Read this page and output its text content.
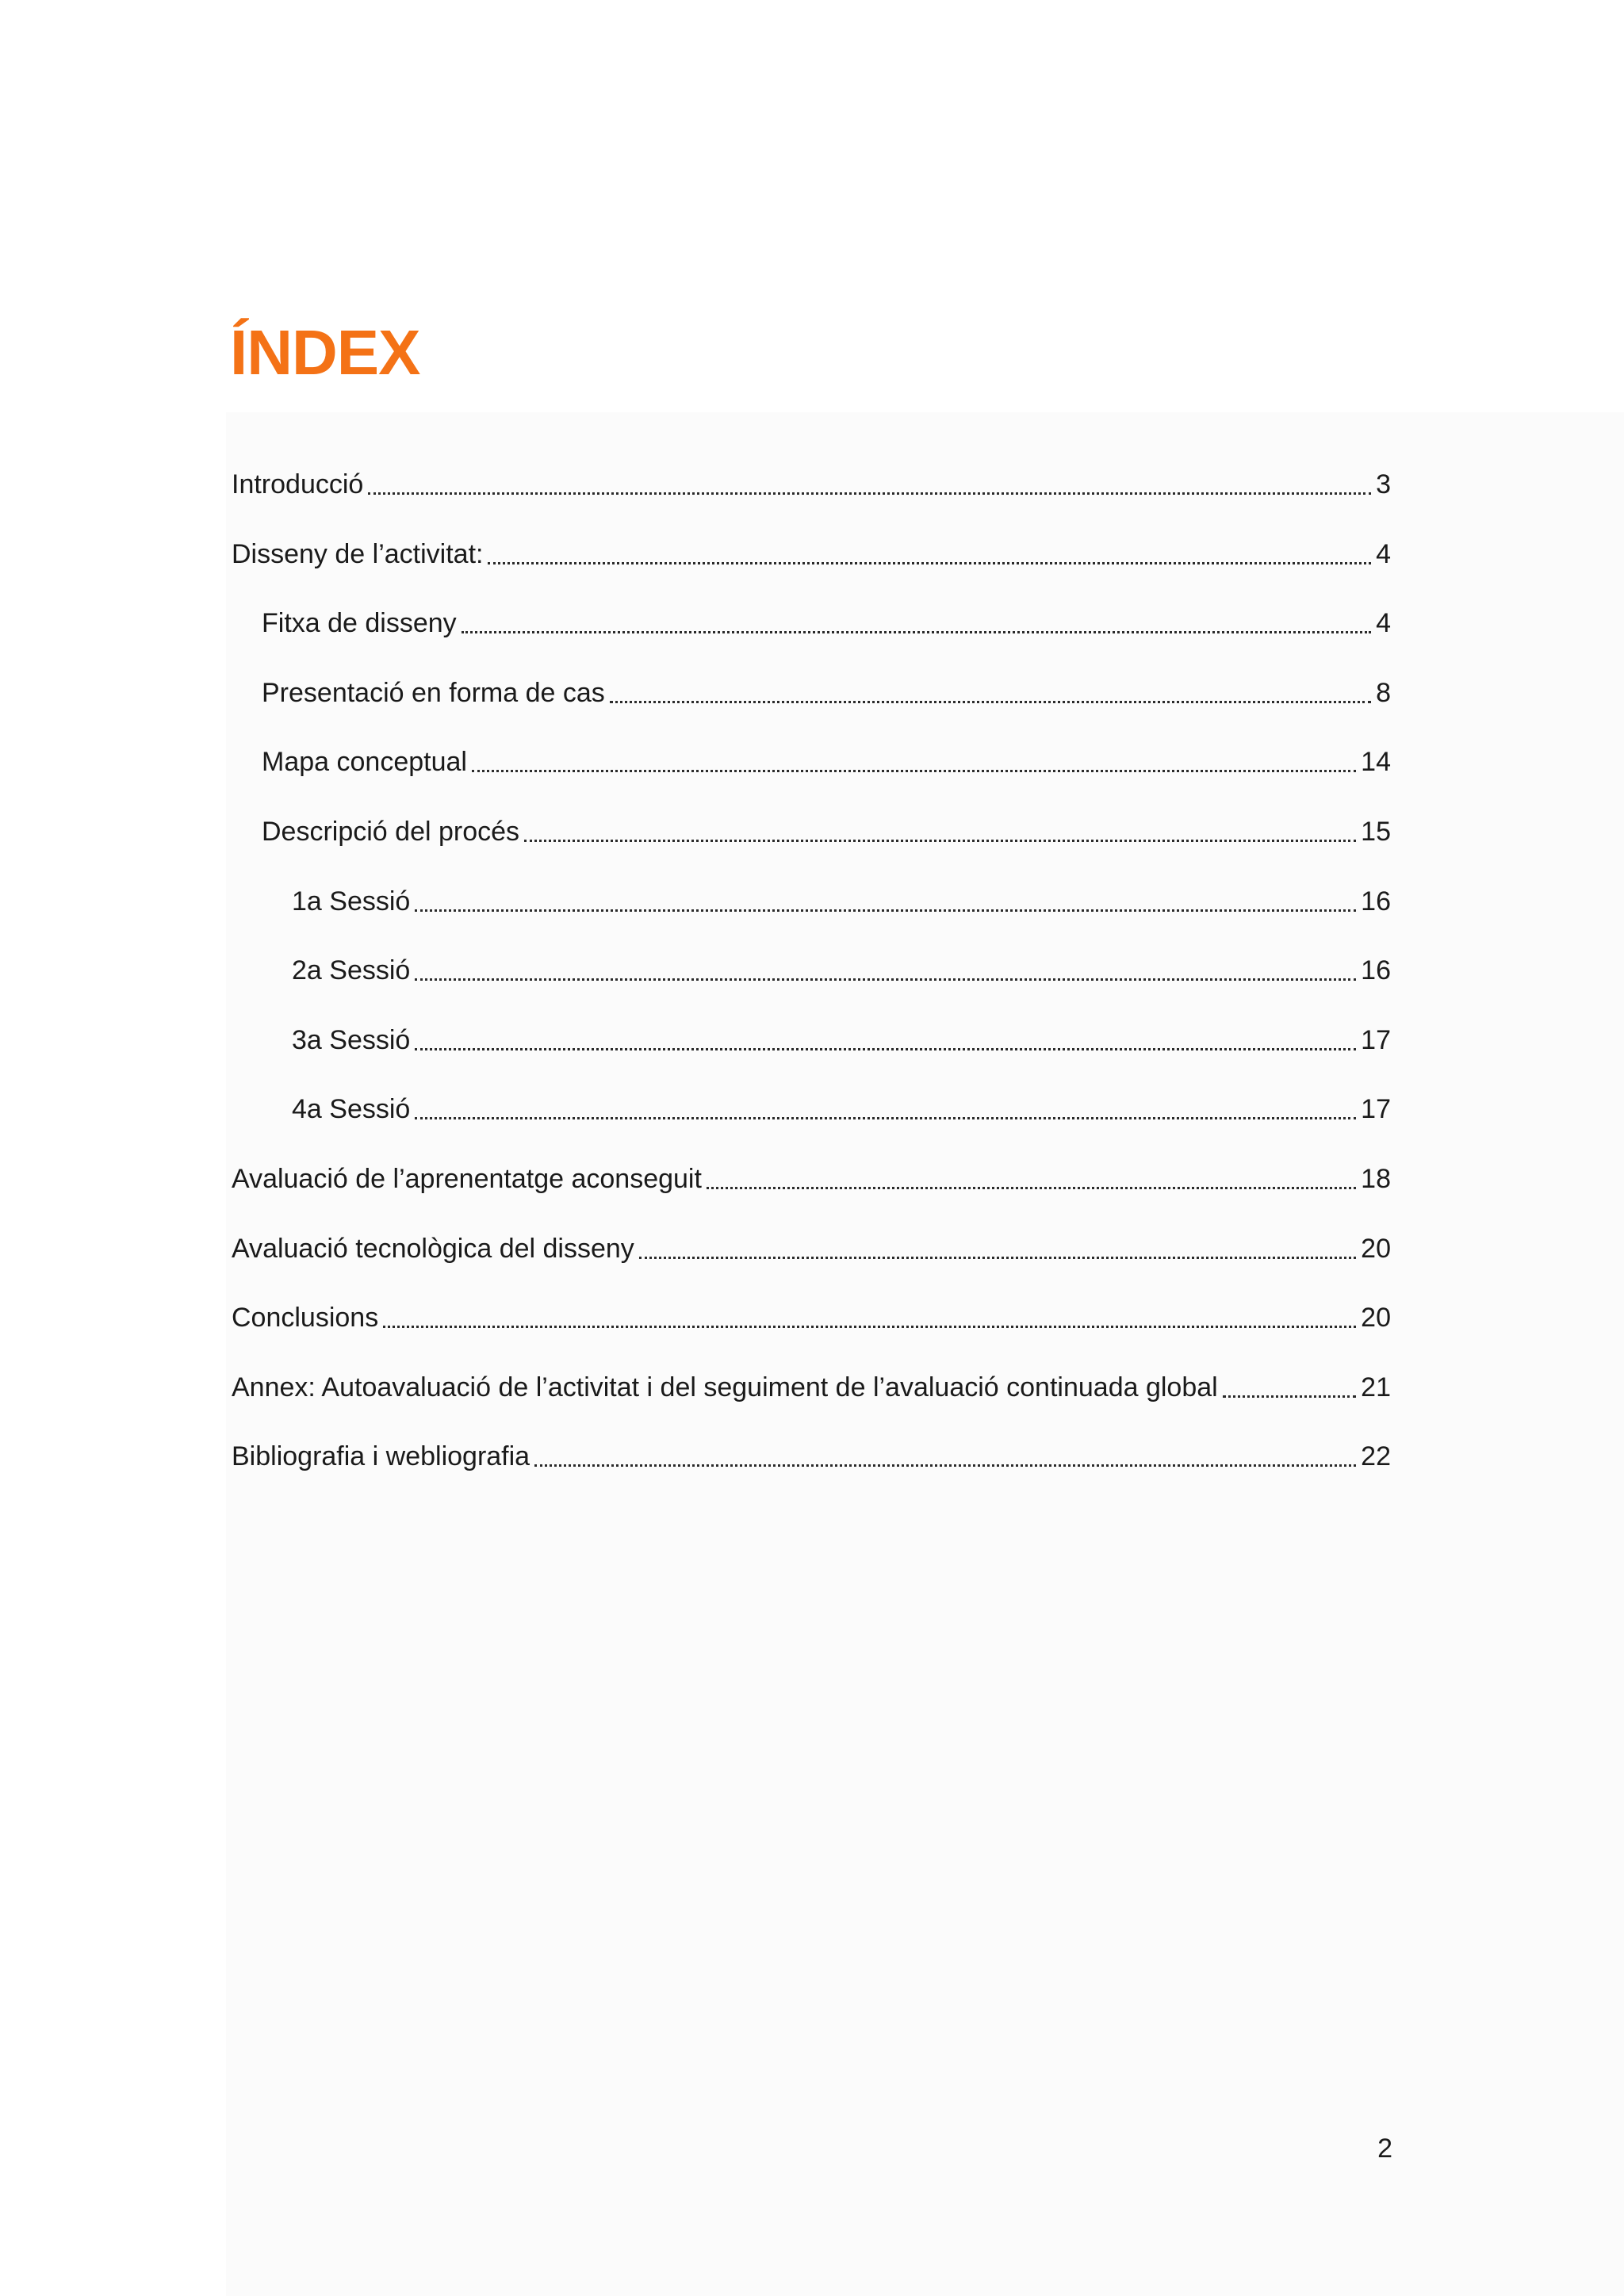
ÍNDEX
Introducció	3
Disseny de l’activitat:	4
Fitxa de disseny	4
Presentació en forma de cas	8
Mapa conceptual	14
Descripció del procés	15
1a Sessió	16
2a Sessió	16
3a Sessió	17
4a Sessió	17
Avaluació de l’aprenentatge aconseguit	18
Avaluació tecnològica del disseny	20
Conclusions	20
Annex: Autoavaluació de l’activitat i del seguiment de l’avaluació continuada global	21
Bibliografia i webliografia	22
2
